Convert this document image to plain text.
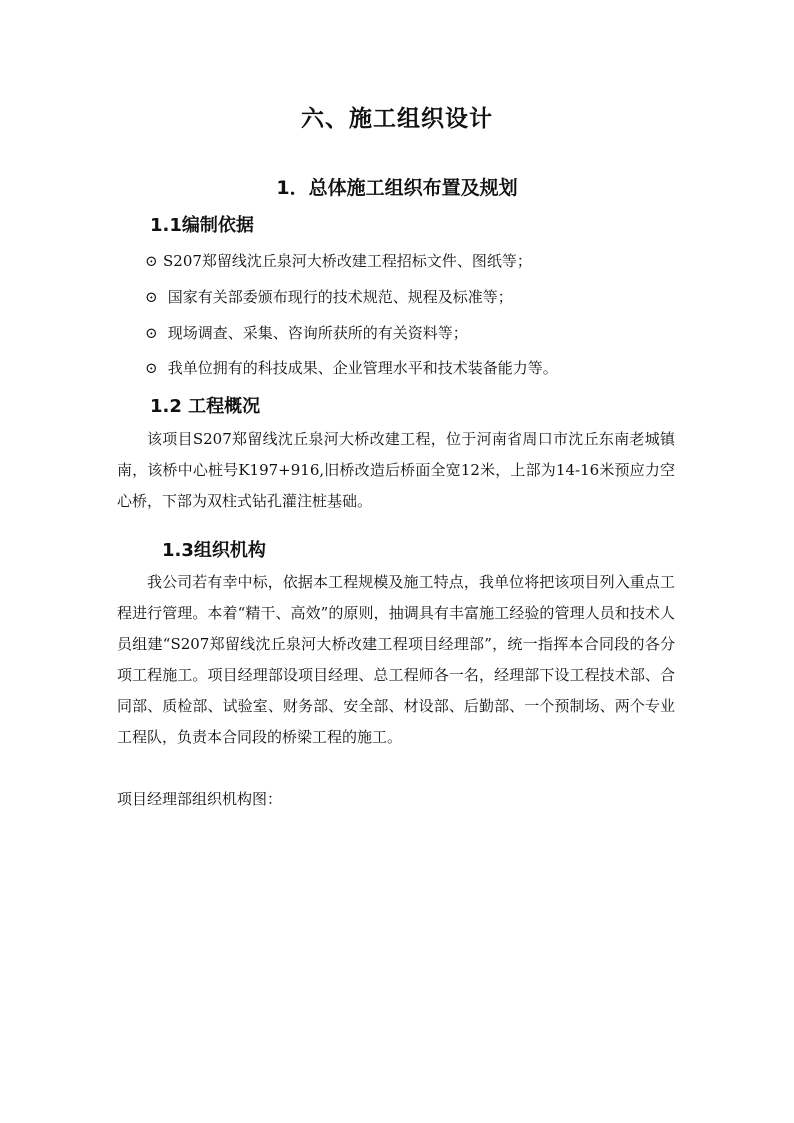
六、施工组织设计
1．总体施工组织布置及规划
1.1编制依据
⊙ S207郑留线沈丘泉河大桥改建工程招标文件、图纸等；
⊙ 国家有关部委颁布现行的技术规范、规程及标准等；
⊙ 现场调查、采集、咨询所获所的有关资料等；
⊙ 我单位拥有的科技成果、企业管理水平和技术装备能力等。
1.2 工程概况

该项目S207郑留线沈丘泉河大桥改建工程，位于河南省周口市沈丘东南老城镇南，该桥中心桩号K197+916,旧桥改造后桥面全宽12米，上部为14-16米预应力空心桥，下部为双柱式钻孔灌注桩基础。

1.3组织机构

我公司若有幸中标，依据本工程规模及施工特点，我单位将把该项目列入重点工程进行管理。本着“精干、高效”的原则，抽调具有丰富施工经验的管理人员和技术人员组建“S207郑留线沈丘泉河大桥改建工程项目经理部”，统一指挥本合同段的各分项工程施工。项目经理部设项目经理、总工程师各一名，经理部下设工程技术部、合同部、质检部、试验室、财务部、安全部、材设部、后勤部、一个预制场、两个专业工程队，负责本合同段的桥梁工程的施工。

项目经理部组织机构图：
